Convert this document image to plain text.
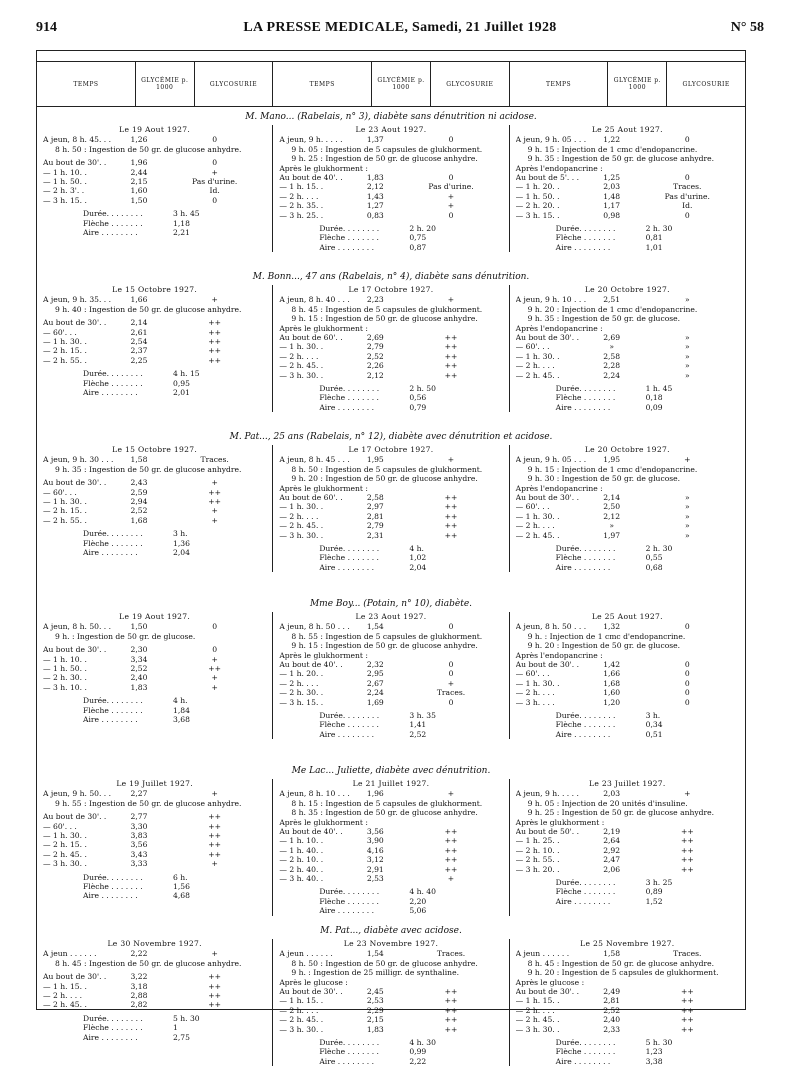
914	LA PRESSE MEDICALE, Samedi, 21 Juillet 1928	N° 58
TEMPS	GLYCÉMIE p. 1000	GLYCOSURIE	TEMPS	GLYCÉMIE p. 1000	GLYCOSURIE	TEMPS	GLYCÉMIE p. 1000	GLYCOSURIE
M. Mano... (Rabelais, n° 3), diabète sans dénutrition ni acidose.
Le 19 Aout 1927.
A jeun, 8 h. 45. . .	1,26	0
8 h. 50 : Ingestion de 50 gr. de glucose anhydre.
Au bout de 30'. .	1,96	0
— 1 h. 10. .	2,44	+
— 1 h. 50. .	2,15	Pas d'urine.
— 2 h. 3'. .	1,60	Id.
— 3 h. 15. .	1,50	0
Durée. . . . . . . .	3 h. 45
Flèche . . . . . . .	1,18
Aire . . . . . . . .	2,21
Le 23 Aout 1927.
A jeun, 9 h. . . . .	1,37	0
9 h. 05 : Ingestion de 5 capsules de glukhorment.
9 h. 25 : Ingestion de 50 gr. de glucose anhydre.
Après le glukhorment :
Au bout de 40'. .	1,83	0
— 1 h. 15. .	2,12	Pas d'urine.
— 2 h. . . .	1,43	+
— 2 h. 35. .	1,27	+
— 3 h. 25. .	0,83	0
Durée. . . . . . . .	2 h. 20
Flèche . . . . . . .	0,75
Aire . . . . . . . .	0,87
Le 25 Aout 1927.
A jeun, 9 h. 05 . . .	1,22	0
9 h. 15 : Injection de 1 cmc d'endopancrine.
9 h. 35 : Ingestion de 50 gr. de glucose anhydre.
Après l'endopancrine :
Au bout de 5'. . .	1,25	0
— 1 h. 20. .	2,03	Traces.
— 1 h. 50. .	1,48	Pas d'urine.
— 2 h. 20. .	1,17	Id.
— 3 h. 15. .	0,98	0
Durée. . . . . . . .	2 h. 30
Flèche . . . . . . .	0,81
Aire . . . . . . . .	1,01
M. Bonn..., 47 ans (Rabelais, n° 4), diabète sans dénutrition.
Le 15 Octobre 1927.
A jeun, 9 h. 35. . .	1,66	+
9 h. 40 : Ingestion de 50 gr. de glucose anhydre.
Au bout de 30'. .	2,14	++
— 60'. . .	2,61	++
— 1 h. 30. .	2,54	++
— 2 h. 15. .	2,37	++
— 2 h. 55. .	2,25	++
Durée. . . . . . . .	4 h. 15
Flèche . . . . . . .	0,95
Aire . . . . . . . .	2,01
Le 17 Octobre 1927.
A jeun, 8 h. 40 . . .	2,23	+
8 h. 45 : Ingestion de 5 capsules de glukhorment.
9 h. 15 : Ingestion de 50 gr. de glucose anhydre.
Après le glukhorment :
Au bout de 60'. .	2,69	++
— 1 h. 30. .	2,79	++
— 2 h. . . .	2,52	++
— 2 h. 45. .	2,26	++
— 3 h. 30. .	2,12	++
Durée. . . . . . . .	2 h. 50
Flèche . . . . . . .	0,56
Aire . . . . . . . .	0,79
Le 20 Octobre 1927.
A jeun, 9 h. 10 . . .	2,51	»
9 h. 20 : Injection de 1 cmc d'endopancrine.
9 h. 35 : Ingestion de 50 gr. de glucose.
Après l'endopancrine :
Au bout de 30'. .	2,69	»
— 60'. . .	»	»
— 1 h. 30. .	2,58	»
— 2 h. . . .	2,28	»
— 2 h. 45. .	2,24	»
Durée. . . . . . . .	1 h. 45
Flèche . . . . . . .	0,18
Aire . . . . . . . .	0,09
M. Pat..., 25 ans (Rabelais, n° 12), diabète avec dénutrition et acidose.
Le 15 Octobre 1927.
A jeun, 9 h. 30 . . .	1,58	Traces.
9 h. 35 : Ingestion de 50 gr. de glucose anhydre.
Au bout de 30'. .	2,43	+
— 60'. . .	2,59	++
— 1 h. 30. .	2,94	++
— 2 h. 15. .	2,52	+
— 2 h. 55. .	1,68	+
Durée. . . . . . . .	3 h.
Flèche . . . . . . .	1,36
Aire . . . . . . . .	2,04
Le 17 Octobre 1927.
A jeun, 8 h. 45 . . .	1,95	+
8 h. 50 : Ingestion de 5 capsules de glukhorment.
9 h. 20 : Ingestion de 50 gr. de glucose anhydre.
Après le glukhorment :
Au bout de 60'. .	2,58	++
— 1 h. 30. .	2,97	++
— 2 h. . . .	2,81	++
— 2 h. 45. .	2,79	++
— 3 h. 30. .	2,31	++
Durée. . . . . . . .	4 h.
Flèche . . . . . . .	1,02
Aire . . . . . . . .	2,04
Le 20 Octobre 1927.
A jeun, 9 h. 05 . . .	1,95	+
9 h. 15 : Injection de 1 cmc d'endopancrine.
9 h. 30 : Ingestion de 50 gr. de glucose.
Après l'endopancrine :
Au bout de 30'. .	2,14	»
— 60'. . .	2,50	»
— 1 h. 30. .	2,12	»
— 2 h. . . .	»	»
— 2 h. 45. .	1,97	»
Durée. . . . . . . .	2 h. 30
Flèche . . . . . . .	0,55
Aire . . . . . . . .	0,68
Mme Boy... (Potain, n° 10), diabète.
Le 19 Aout 1927.
A jeun, 8 h. 50. . .	1,50	0
9 h. : Ingestion de 50 gr. de glucose.
Au bout de 30'. .	2,30	0
— 1 h. 10. .	3,34	+
— 1 h. 50. .	2,52	++
— 2 h. 30. .	2,40	+
— 3 h. 10. .	1,83	+
Durée. . . . . . . .	4 h.
Flèche . . . . . . .	1,84
Aire . . . . . . . .	3,68
Le 23 Aout 1927.
A jeun, 8 h. 50 . . .	1,54	0
8 h. 55 : Ingestion de 5 capsules de glukhorment.
9 h. 15 : Ingestion de 50 gr. de glucose anhydre.
Après le glukhorment :
Au bout de 40'. .	2,32	0
— 1 h. 20. .	2,95	0
— 2 h. . . .	2,67	+
— 2 h. 30. .	2,24	Traces.
— 3 h. 15. .	1,69	0
Durée. . . . . . . .	3 h. 35
Flèche . . . . . . .	1,41
Aire . . . . . . . .	2,52
Le 25 Aout 1927.
A jeun, 8 h. 50 . . .	1,32	0
9 h. : Injection de 1 cmc d'endopancrine.
9 h. 20 : Ingestion de 50 gr. de glucose.
Après l'endopancrine :
Au bout de 30'. .	1,42	0
— 60'. . .	1,66	0
— 1 h. 30. .	1,68	0
— 2 h. . . .	1,60	0
— 3 h. . . .	1,20	0
Durée. . . . . . . .	3 h.
Flèche . . . . . . .	0,34
Aire . . . . . . . .	0,51
Me Lac... Juliette, diabète avec dénutrition.
Le 19 Juillet 1927.
A jeun, 9 h. 50. . .	2,27	+
9 h. 55 : Ingestion de 50 gr. de glucose anhydre.
Au bout de 30'. .	2,77	++
— 60'. . .	3,30	++
— 1 h. 30. .	3,83	++
— 2 h. 15. .	3,56	++
— 2 h. 45. .	3,43	++
— 3 h. 30. .	3,33	+
Durée. . . . . . . .	6 h.
Flèche . . . . . . .	1,56
Aire . . . . . . . .	4,68
Le 21 Juillet 1927.
A jeun, 8 h. 10 . . .	1,96	+
8 h. 15 : Ingestion de 5 capsules de glukhorment.
8 h. 35 : Ingestion de 50 gr. de glucose anhydre.
Après le glukhorment :
Au bout de 40'. .	3,56	++
— 1 h. 10. .	3,90	++
— 1 h. 40. .	4,16	++
— 2 h. 10. .	3,12	++
— 2 h. 40. .	2,91	++
— 3 h. 40. .	2,53	+
Durée. . . . . . . .	4 h. 40
Flèche . . . . . . .	2,20
Aire . . . . . . . .	5,06
Le 23 Juillet 1927.
A jeun, 9 h. . . . .	2,03	+
9 h. 05 : Injection de 20 unités d'insuline.
9 h. 25 : Ingestion de 50 gr. de glucose anhydre.
Après le glukhorment :
Au bout de 50'. .	2,19	++
— 1 h. 25. .	2,64	++
— 2 h. 10. .	2,92	++
— 2 h. 55. .	2,47	++
— 3 h. 20. .	2,06	++
Durée. . . . . . . .	3 h. 25
Flèche . . . . . . .	0,89
Aire . . . . . . . .	1,52
M. Pat..., diabète avec acidose.
Le 30 Novembre 1927.
A jeun . . . . . .	2,22	+
8 h. 45 : Ingestion de 50 gr. de glucose anhydre.
Au bout de 30'. .	3,22	++
— 1 h. 15. .	3,18	++
— 2 h. . . .	2,88	++
— 2 h. 45. .	2,82	++
Durée. . . . . . . .	5 h. 30
Flèche . . . . . . .	1
Aire . . . . . . . .	2,75
Le 23 Novembre 1927.
A jeun . . . . . .	1,54	Traces.
8 h. 50 : Ingestion de 50 gr. de glucose anhydre.
9 h. : Ingestion de 25 milligr. de synthaline.
Après le glucose :
Au bout de 30'. .	2,45	++
— 1 h. 15. .	2,53	++
— 2 h. . . .	2,29	++
— 2 h. 45. .	2,15	++
— 3 h. 30. .	1,83	++
Durée. . . . . . . .	4 h. 30
Flèche . . . . . . .	0,99
Aire . . . . . . . .	2,22
Le 25 Novembre 1927.
A jeun . . . . . .	1,58	Traces.
8 h. 45 : Ingestion de 50 gr. de glucose anhydre.
9 h. 20 : Ingestion de 5 capsules de glukhorment.
Après le glucose :
Au bout de 30'. .	2,49	++
— 1 h. 15. .	2,81	++
— 2 h. . . .	2,52	++
— 2 h. 45. .	2,40	++
— 3 h. 30. .	2,33	++
Durée. . . . . . . .	5 h. 30
Flèche . . . . . . .	1,23
Aire . . . . . . . .	3,38
